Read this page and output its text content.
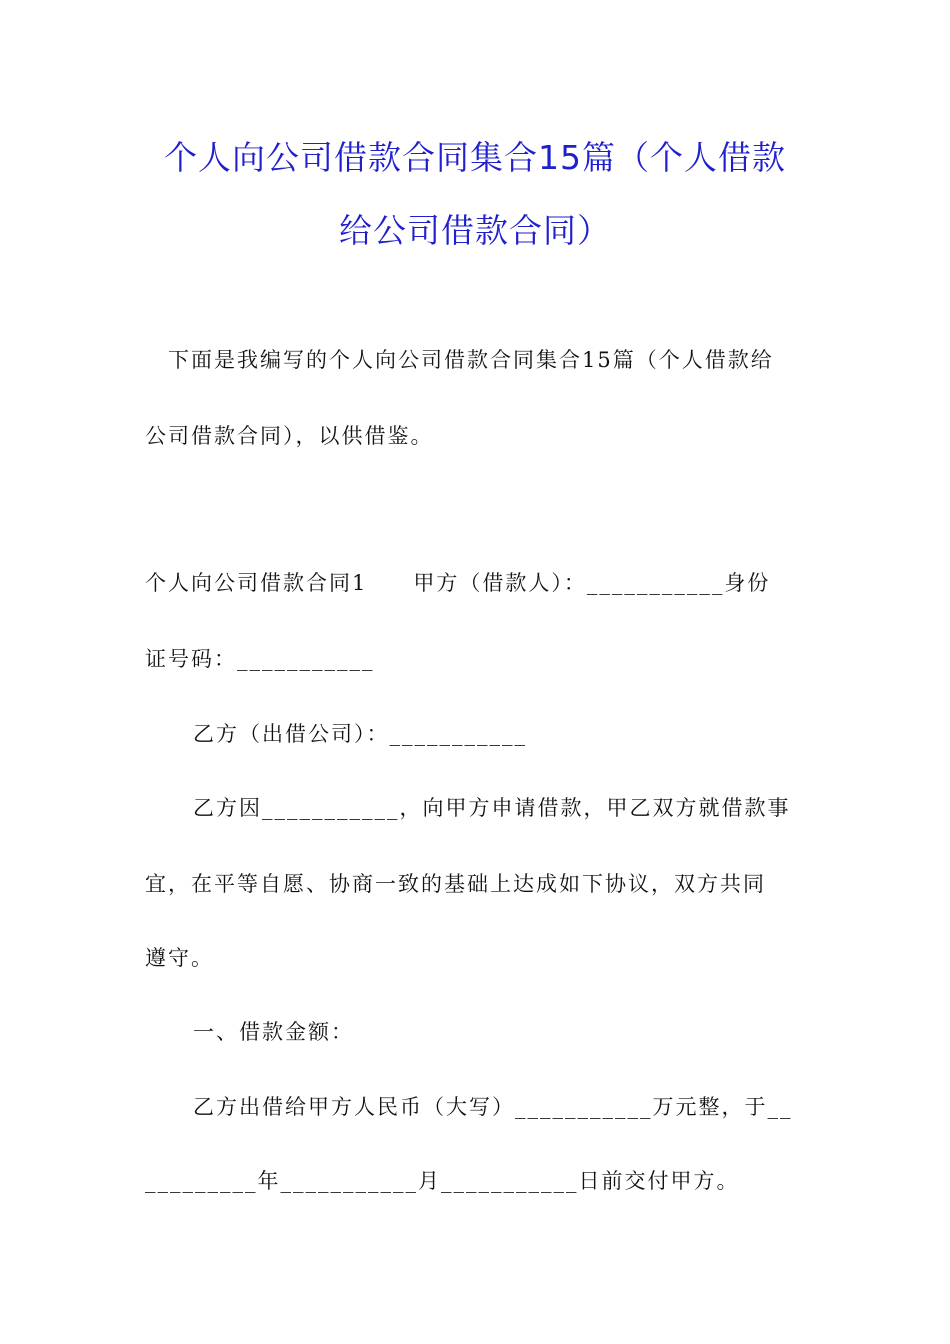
个人向公司借款合同集合15篇（个人借款
给公司借款合同）
下面是我编写的个人向公司借款合同集合15篇（个人借款给
公司借款合同），以供借鉴。
个人向公司借款合同1　　甲方（借款人）：___________身份
证号码：___________
乙方（出借公司）：___________
乙方因___________，向甲方申请借款，甲乙双方就借款事
宜，在平等自愿、协商一致的基础上达成如下协议，双方共同
遵守。
一、借款金额：
乙方出借给甲方人民币（大写）___________万元整，于__
_________年___________月___________日前交付甲方。
